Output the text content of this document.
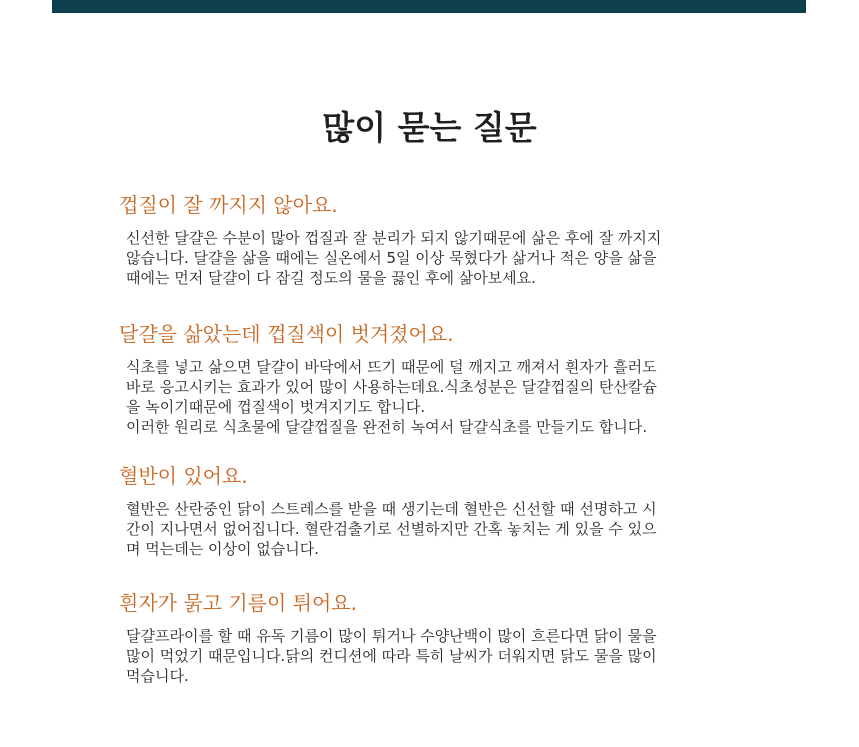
많이 묻는 질문
껍질이 잘 까지지 않아요.

신선한 달걀은 수분이 많아 껍질과 잘 분리가 되지 않기때문에 삶은 후에 잘 까지지
않습니다. 달걀을 삶을 때에는 실온에서 5일 이상 묵혔다가 삶거나 적은 양을 삶을
때에는 먼저 달걀이 다 잠길 정도의 물을 끓인 후에 삶아보세요.

달걀을 삶았는데 껍질색이 벗겨졌어요.

식초를 넣고 삶으면 달걀이 바닥에서 뜨기 때문에 덜 깨지고 깨져서 흰자가 흘러도
바로 응고시키는 효과가 있어 많이 사용하는데요.식초성분은 달걀껍질의 탄산칼슘
을 녹이기때문에 껍질색이 벗겨지기도 합니다.
이러한 원리로 식초물에 달걀껍질을 완전히 녹여서 달걀식초를 만들기도 합니다.

혈반이 있어요.

혈반은 산란중인 닭이 스트레스를 받을 때 생기는데 혈반은 신선할 때 선명하고 시
간이 지나면서 없어집니다. 혈란검출기로 선별하지만 간혹 놓치는 게 있을 수 있으
며 먹는데는 이상이 없습니다.

흰자가 묽고 기름이 튀어요.

달걀프라이를 할 때 유독 기름이 많이 튀거나 수양난백이 많이 흐른다면 닭이 물을
많이 먹었기 때문입니다.닭의 컨디션에 따라 특히 날씨가 더워지면 닭도 물을 많이
먹습니다.
